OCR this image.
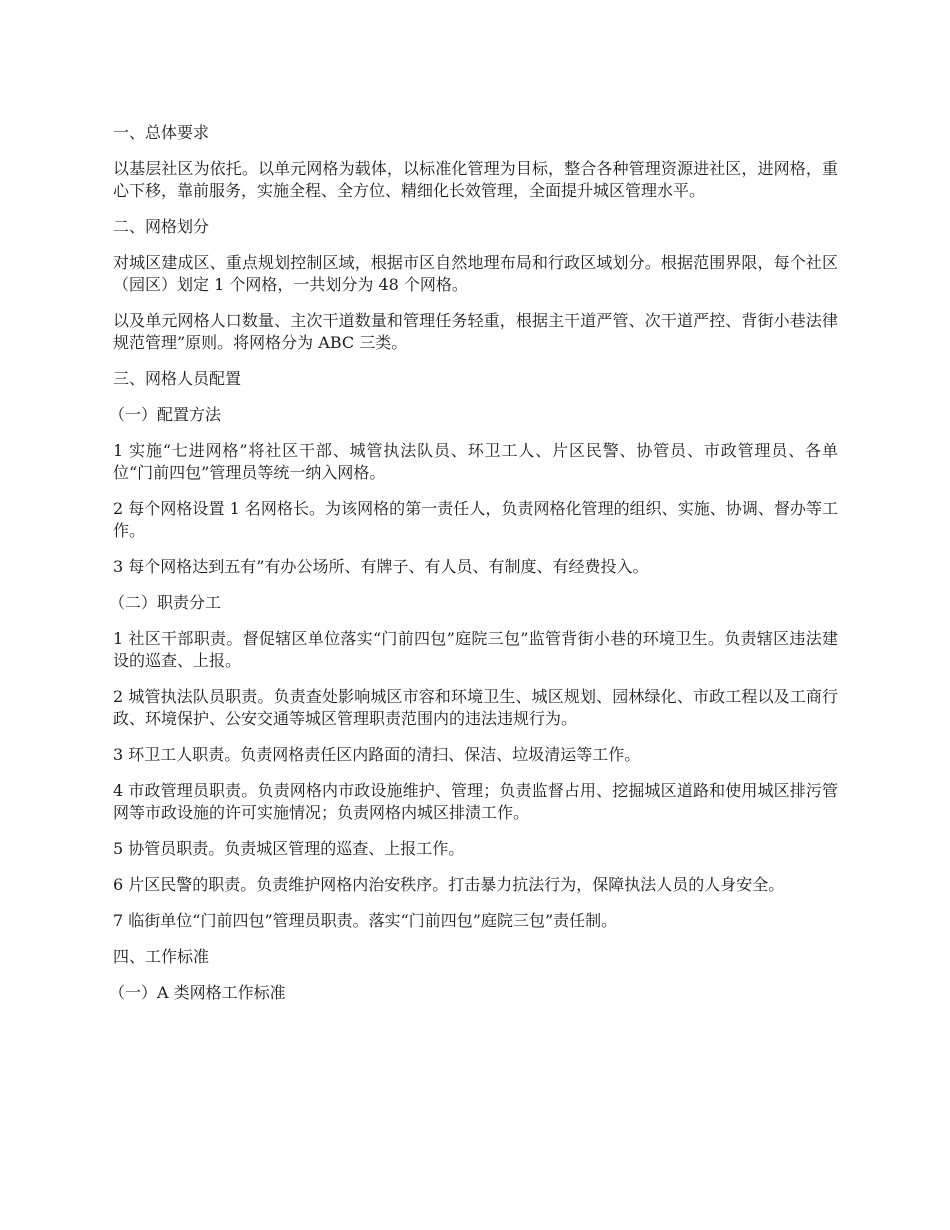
一、总体要求

以基层社区为依托。以单元网格为载体，以标准化管理为目标，整合各种管理资源进社区，进网格，重心下移，靠前服务，实施全程、全方位、精细化长效管理，全面提升城区管理水平。

二、网格划分

对城区建成区、重点规划控制区域，根据市区自然地理布局和行政区域划分。根据范围界限，每个社区（园区）划定 1 个网格，一共划分为 48 个网格。

以及单元网格人口数量、主次干道数量和管理任务轻重，根据主干道严管、次干道严控、背街小巷法律规范管理”原则。将网格分为 ABC 三类。

三、网格人员配置

（一）配置方法

1 实施“七进网格”将社区干部、城管执法队员、环卫工人、片区民警、协管员、市政管理员、各单位“门前四包”管理员等统一纳入网格。

2 每个网格设置 1 名网格长。为该网格的第一责任人，负责网格化管理的组织、实施、协调、督办等工作。

3 每个网格达到五有”有办公场所、有牌子、有人员、有制度、有经费投入。

（二）职责分工

1 社区干部职责。督促辖区单位落实“门前四包”庭院三包”监管背街小巷的环境卫生。负责辖区违法建设的巡查、上报。

2 城管执法队员职责。负责查处影响城区市容和环境卫生、城区规划、园林绿化、市政工程以及工商行政、环境保护、公安交通等城区管理职责范围内的违法违规行为。

3 环卫工人职责。负责网格责任区内路面的清扫、保洁、垃圾清运等工作。

4 市政管理员职责。负责网格内市政设施维护、管理；负责监督占用、挖掘城区道路和使用城区排污管网等市政设施的许可实施情况；负责网格内城区排渍工作。

5 协管员职责。负责城区管理的巡查、上报工作。

6 片区民警的职责。负责维护网格内治安秩序。打击暴力抗法行为，保障执法人员的人身安全。

7 临街单位“门前四包”管理员职责。落实“门前四包”庭院三包”责任制。

四、工作标准

（一）A 类网格工作标准
